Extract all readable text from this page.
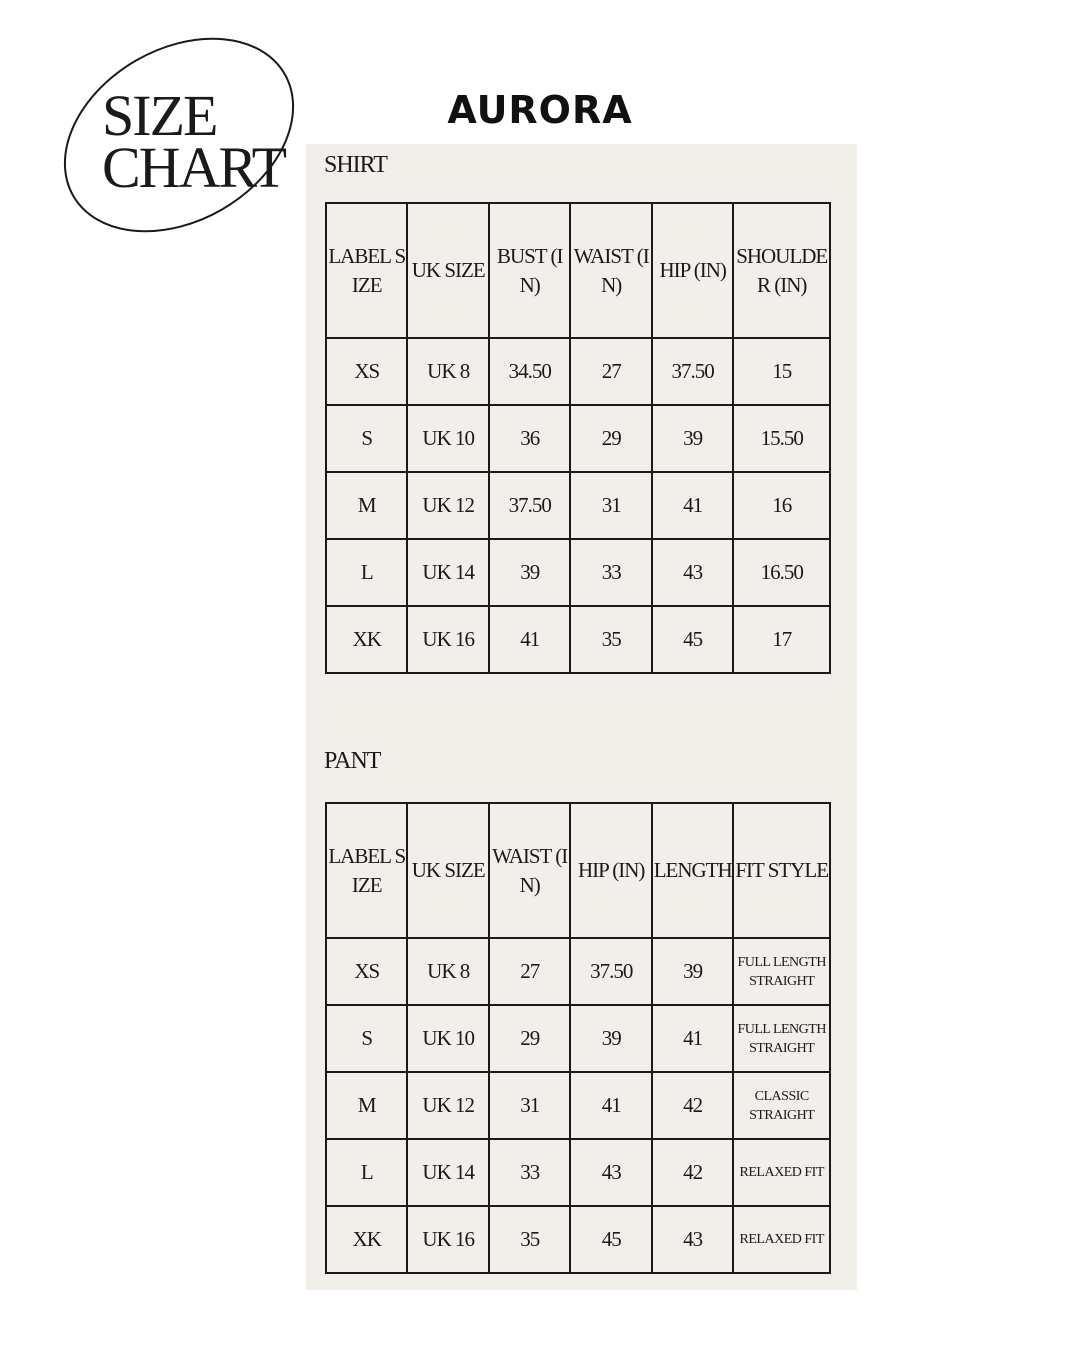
SIZE
CHART
AURORA
SHIRT
LABEL SIZE	UK SIZE	BUST (IN)	WAIST (IN)	HIP (IN)	SHOULDER (IN)
XS	UK 8	34.50	27	37.50	15
S	UK 10	36	29	39	15.50
M	UK 12	37.50	31	41	16
L	UK 14	39	33	43	16.50
XK	UK 16	41	35	45	17
PANT
LABEL SIZE	UK SIZE	WAIST (IN)	HIP (IN)	LENGTH	FIT STYLE
XS	UK 8	27	37.50	39	FULL LENGTH STRAIGHT
S	UK 10	29	39	41	FULL LENGTH STRAIGHT
M	UK 12	31	41	42	CLASSIC STRAIGHT
L	UK 14	33	43	42	RELAXED FIT
XK	UK 16	35	45	43	RELAXED FIT
